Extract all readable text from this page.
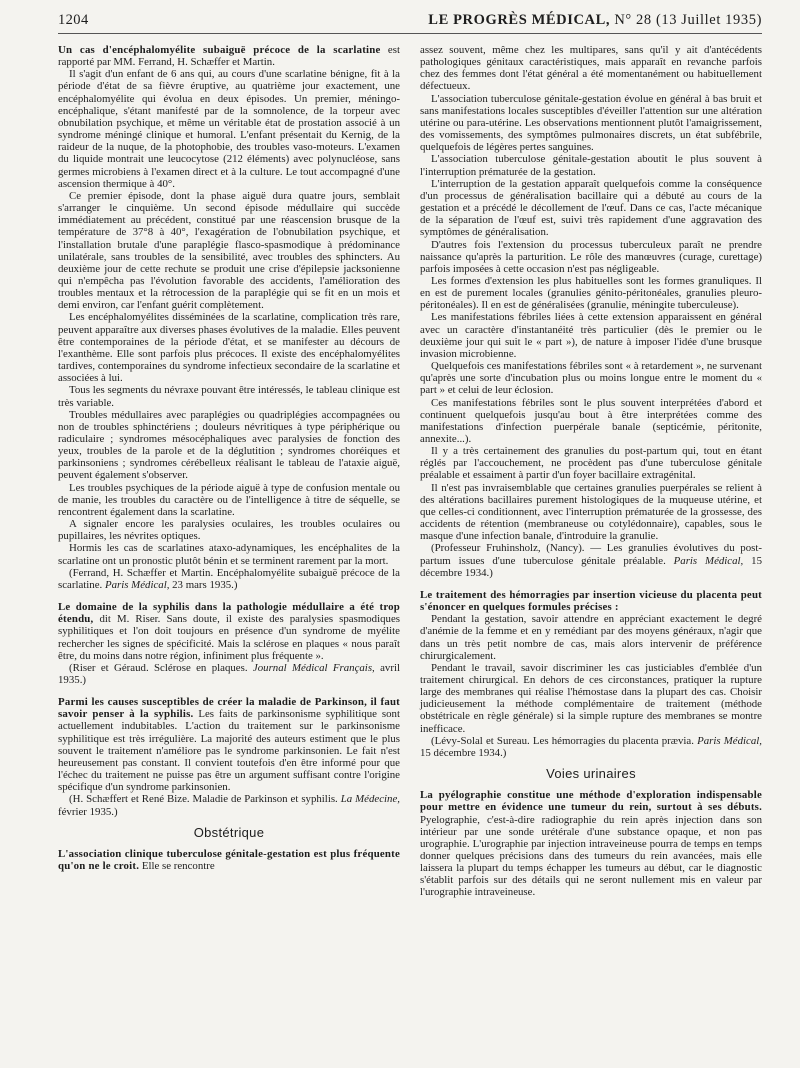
1204	LE PROGRÈS MÉDICAL, N° 28 (13 Juillet 1935)

Un cas d'encéphalomyélite subaiguë précoce de la scarlatine est rapporté par MM. Ferrand, H. Schæffer et Martin.

Il s'agit d'un enfant de 6 ans qui, au cours d'une scarlatine bénigne, fit à la période d'état de sa fièvre éruptive, au quatrième jour exactement, une encéphalomyélite qui évolua en deux épisodes. Un premier, méningo-encéphalique, s'étant manifesté par de la somnolence, de la torpeur avec obnubilation psychique, et même un véritable état de prostation associé à un syndrome méningé clinique et humoral. L'enfant présentait du Kernig, de la raideur de la nuque, de la photophobie, des troubles vaso-moteurs. L'examen du liquide montrait une leucocytose (212 éléments) avec polynucléose, sans germes microbiens à l'examen direct et à la culture. Le tout accompagné d'une ascension thermique à 40°.

Ce premier épisode, dont la phase aiguë dura quatre jours, semblait s'arranger le cinquième. Un second épisode médullaire qui succède immédiatement au précédent, constitué par une réascension brusque de la température de 37°8 à 40°, l'exagération de l'obnubilation psychique, et l'installation brutale d'une paraplégie flasco-spasmodique à prédominance unilatérale, sans troubles de la sensibilité, avec troubles des sphincters. Au deuxième jour de cette rechute se produit une crise d'épilepsie jacksonienne qui n'empêcha pas l'évolution favorable des accidents, l'amélioration des troubles mentaux et la rétrocession de la paraplégie qui se fit en un mois et demi environ, car l'enfant guérit complètement.

Les encéphalomyélites disséminées de la scarlatine, complication très rare, peuvent apparaître aux diverses phases évolutives de la maladie. Elles peuvent être contemporaines de la période d'état, et se manifester au décours de l'exanthème. Elle sont parfois plus précoces. Il existe des encéphalomyélites tardives, contemporaines du syndrome infectieux secondaire de la scarlatine et associées à lui.

Tous les segments du névraxe pouvant être intéressés, le tableau clinique est très variable.

Troubles médullaires avec paraplégies ou quadriplégies accompagnées ou non de troubles sphinctériens ; douleurs névritiques à type périphérique ou radiculaire ; syndromes mésocéphaliques avec paralysies de fonction des yeux, troubles de la parole et de la déglutition ; syndromes choréiques et parkinsoniens ; syndromes cérébelleux réalisant le tableau de l'ataxie aiguë, peuvent également s'observer.

Les troubles psychiques de la période aiguë à type de confusion mentale ou de manie, les troubles du caractère ou de l'intelligence à titre de séquelle, se rencontrent également dans la scarlatine.

A signaler encore les paralysies oculaires, les troubles oculaires ou pupillaires, les névrites optiques.

Hormis les cas de scarlatines ataxo-adynamiques, les encéphalites de la scarlatine ont un pronostic plutôt bénin et se terminent rarement par la mort.

(Ferrand, H. Schæffer et Martin. Encéphalomyélite subaiguë précoce de la scarlatine. Paris Médical, 23 mars 1935.)

Le domaine de la syphilis dans la pathologie médullaire a été trop étendu, dit M. Riser. Sans doute, il existe des paralysies spasmodiques syphilitiques et l'on doit toujours en présence d'un syndrome de myélite rechercher les signes de spécificité. Mais la sclérose en plaques « nous paraît être, du moins dans notre région, infiniment plus fréquente ».

(Riser et Géraud. Sclérose en plaques. Journal Médical Français, avril 1935.)

Parmi les causes susceptibles de créer la maladie de Parkinson, il faut savoir penser à la syphilis. Les faits de parkinsonisme syphilitique sont actuellement indubitables. L'action du traitement sur le parkinsonisme syphilitique est très irrégulière. La majorité des auteurs estiment que le plus souvent le traitement n'améliore pas le syndrome parkinsonien. Le fait n'est heureusement pas constant. Il convient toutefois d'en être informé pour que l'échec du traitement ne puisse pas être un argument suffisant contre l'origine spécifique d'un syndrome parkinsonien.

(H. Schæffert et René Bize. Maladie de Parkinson et syphilis. La Médecine, février 1935.)

Obstétrique

L'association clinique tuberculose génitale-gestation est plus fréquente qu'on ne le croit. Elle se rencontre

assez souvent, même chez les multipares, sans qu'il y ait d'antécédents pathologiques génitaux caractéristiques, mais apparaît en revanche parfois chez des femmes dont l'état général a été momentanément ou habituellement défectueux.

L'association tuberculose génitale-gestation évolue en général à bas bruit et sans manifestations locales susceptibles d'éveiller l'attention sur une altération utérine ou para-utérine. Les observations mentionnent plutôt l'amaigrissement, des vomissements, des symptômes pulmonaires discrets, un état subfébrile, quelquefois de légères pertes sanguines.

L'association tuberculose génitale-gestation aboutit le plus souvent à l'interruption prématurée de la gestation.

L'interruption de la gestation apparaît quelquefois comme la conséquence d'un processus de généralisation bacillaire qui a débuté au cours de la gestation et a précédé le décollement de l'œuf. Dans ce cas, l'acte mécanique de la séparation de l'œuf est, suivi très rapidement d'une aggravation des symptômes de généralisation.

D'autres fois l'extension du processus tuberculeux paraît ne prendre naissance qu'après la parturition. Le rôle des manœuvres (curage, curettage) parfois imposées à cette occasion n'est pas négligeable.

Les formes d'extension les plus habituelles sont les formes granuliques. Il en est de purement locales (granulies génito-péritonéales, granulies pleuro-péritonéales). Il en est de généralisées (granulie, méningite tuberculeuse).

Les manifestations fébriles liées à cette extension apparaissent en général avec un caractère d'instantanéité très particulier (dès le premier ou le deuxième jour qui suit le « part »), de nature à imposer l'idée d'une brusque invasion microbienne.

Quelquefois ces manifestations fébriles sont « à retardement », ne survenant qu'après une sorte d'incubation plus ou moins longue entre le moment du « part » et celui de leur éclosion.

Ces manifestations fébriles sont le plus souvent interprétées d'abord et continuent quelquefois jusqu'au bout à être interprétées comme des manifestations d'infection puerpérale banale (septicémie, péritonite, annexite...).

Il y a très certainement des granulies du post-partum qui, tout en étant réglés par l'accouchement, ne procèdent pas d'une tuberculose génitale préalable et essaiment à partir d'un foyer bacillaire extragénital.

Il n'est pas invraisemblable que certaines granulies puerpérales se relient à des altérations bacillaires purement histologiques de la muqueuse utérine, et que celles-ci conditionnent, avec l'interruption prématurée de la grossesse, des accidents de rétention (membraneuse ou cotylédonnaire), capables, sous le masque d'une infection banale, d'introduire la granulie.

(Professeur Fruhinsholz, (Nancy). — Les granulies évolutives du post-partum issues d'une tuberculose génitale préalable. Paris Médical, 15 décembre 1934.)

Le traitement des hémorragies par insertion vicieuse du placenta peut s'énoncer en quelques formules précises :

Pendant la gestation, savoir attendre en appréciant exactement le degré d'anémie de la femme et en y remédiant par des moyens généraux, n'agir que dans un très petit nombre de cas, mais alors intervenir de préférence chirurgicalement.

Pendant le travail, savoir discriminer les cas justiciables d'emblée d'un traitement chirurgical. En dehors de ces circonstances, pratiquer la rupture large des membranes qui réalise l'hémostase dans la plupart des cas. Choisir judicieusement la méthode complémentaire de traitement (méthode obstétricale en règle générale) si la simple rupture des membranes se montre inefficace.

(Lévy-Solal et Sureau. Les hémorragies du placenta prævia. Paris Médical, 15 décembre 1934.)

Voies urinaires

La pyélographie constitue une méthode d'exploration indispensable pour mettre en évidence une tumeur du rein, surtout à ses débuts. Pyelographie, c'est-à-dire radiographie du rein après injection dans son intérieur par une sonde urétérale d'une substance opaque, et non pas urographie. L'urographie par injection intraveineuse pourra de temps en temps donner quelques précisions dans des tumeurs du rein avancées, mais elle laissera la plupart du temps échapper les tumeurs au début, car le diagnostic s'établit parfois sur des détails qui ne seront nullement mis en valeur par l'urographie intraveineuse.
